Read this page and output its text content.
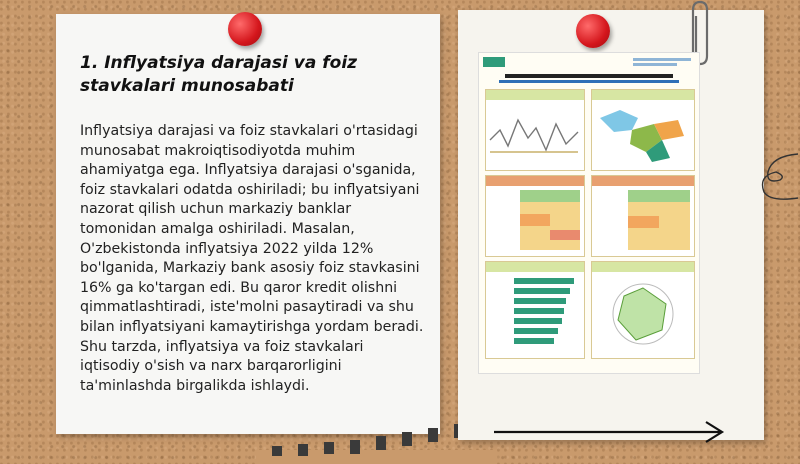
1. Inflyatsiya darajasi va foiz stavkalari munosabati
Inflyatsiya darajasi va foiz stavkalari o'rtasidagi munosabat makroiqtisodiyotda muhim ahamiyatga ega. Inflyatsiya darajasi o'sganida, foiz stavkalari odatda oshiriladi; bu inflyatsiyani nazorat qilish uchun markaziy banklar tomonidan amalga oshiriladi. Masalan, O'zbekistonda inflyatsiya 2022 yilda 12% bo'lganida, Markaziy bank asosiy foiz stavkasini 16% ga ko'targan edi. Bu qaror kredit olishni qimmatlashtiradi, iste'molni pasaytiradi va shu bilan inflyatsiyani kamaytirishga yordam beradi. Shu tarzda, inflyatsiya va foiz stavkalari iqtisodiy o'sish va narx barqarorligini ta'minlashda birgalikda ishlaydi.
